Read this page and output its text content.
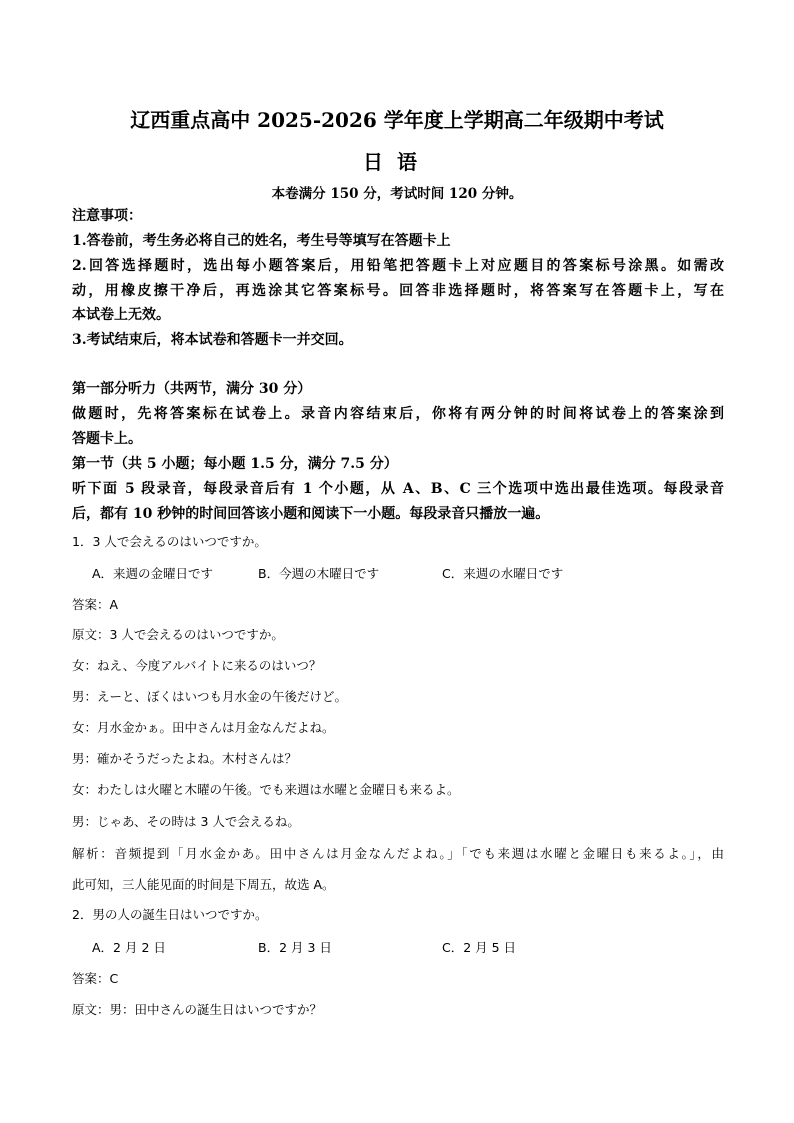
辽西重点高中 2025-2026 学年度上学期高二年级期中考试
日语
本卷满分 150 分，考试时间 120 分钟。
注意事项：
1.答卷前，考生务必将自己的姓名，考生号等填写在答题卡上
2.回答选择题时，选出每小题答案后，用铅笔把答题卡上对应题目的答案标号涂黑。如需改
动，用橡皮擦干净后，再选涂其它答案标号。回答非选择题时，将答案写在答题卡上，写在
本试卷上无效。
3.考试结束后，将本试卷和答题卡一并交回。
第一部分听力（共两节，满分 30 分）
做题时，先将答案标在试卷上。录音内容结束后，你将有两分钟的时间将试卷上的答案涂到
答题卡上。
第一节（共 5 小题；每小题 1.5 分，满分 7.5 分）
听下面 5 段录音，每段录音后有 1 个小题，从 A、B、C 三个选项中选出最佳选项。每段录音
后，都有 10 秒钟的时间回答该小题和阅读下一小题。每段录音只播放一遍。
1．3 人で会えるのはいつですか。
A．来週の金曜日です	B．今週の木曜日です	C．来週の水曜日です
答案：A
原文：3 人で会えるのはいつですか。
女：ねえ、今度アルバイトに来るのはいつ？
男：えーと、ぼくはいつも月水金の午後だけど。
女：月水金かぁ。田中さんは月金なんだよね。
男：確かそうだったよね。木村さんは？
女：わたしは火曜と木曜の午後。でも来週は水曜と金曜日も来るよ。
男：じゃあ、その時は 3 人で会えるね。
解析：音频提到「月水金かあ。田中さんは月金なんだよね。」「でも来週は水曜と金曜日も来るよ。」，由
此可知，三人能见面的时间是下周五，故选 A。
2．男の人の誕生日はいつですか。
A．2 月 2 日	B．2 月 3 日	C．2 月 5 日
答案：C
原文：男：田中さんの誕生日はいつですか？
